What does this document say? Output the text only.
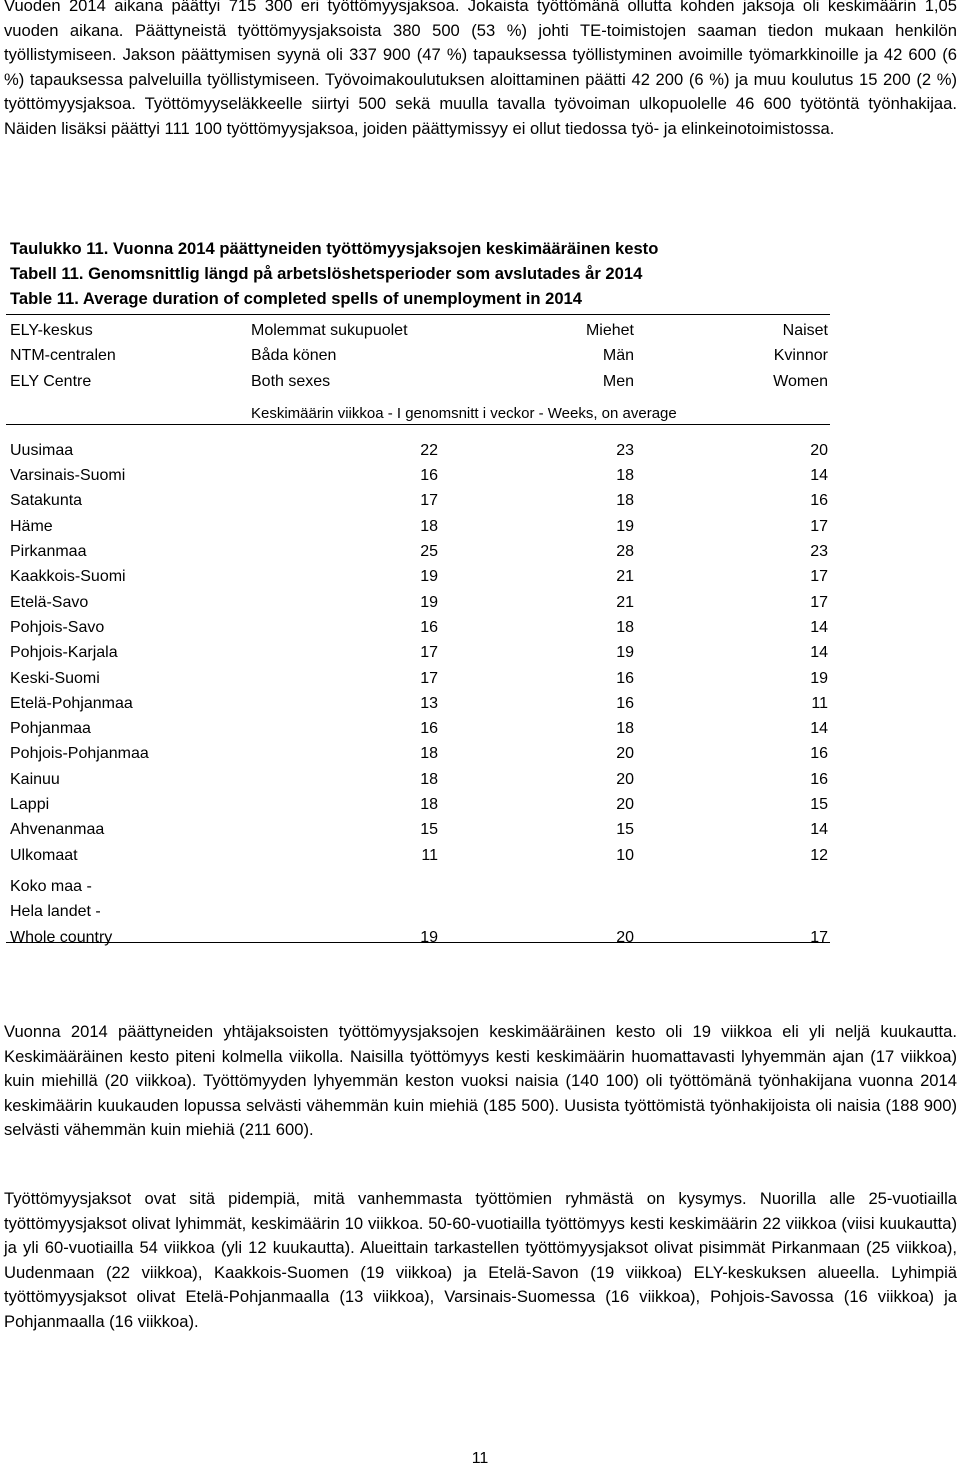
Vuoden 2014 aikana päättyi 715 300 eri työttömyysjaksoa. Jokaista työttömänä ollutta kohden jaksoja oli keskimäärin 1,05 vuoden aikana. Päättyneistä työttömyysjaksoista 380 500 (53 %) johti TE-toimistojen saaman tiedon mukaan henkilön työllistymiseen. Jakson päättymisen syynä oli 337 900 (47 %) tapauksessa työllistyminen avoimille työmarkkinoille ja 42 600 (6 %) tapauksessa palveluilla työllistymiseen. Työvoimakoulutuksen aloittaminen päätti 42 200 (6 %) ja muu koulutus 15 200 (2 %) työttömyysjaksoa. Työttömyyseläkkeelle siirtyi 500 sekä muulla tavalla työvoiman ulkopuolelle 46 600 työtöntä työnhakijaa. Näiden lisäksi päättyi 111 100 työttömyysjaksoa, joiden päättymissyy ei ollut tiedossa työ- ja elinkeinotoimistossa.

Taulukko 11. Vuonna 2014 päättyneiden työttömyysjaksojen keskimääräinen kesto
Tabell 11. Genomsnittlig längd på arbetslöshetsperioder som avslutades år 2014
Table 11. Average duration of completed spells of unemployment in 2014
ELY-keskus	Molemmat sukupuolet	Miehet	Naiset
NTM-centralen	Båda könen	Män	Kvinnor
ELY Centre	Both sexes	Men	Women
Keskimäärin viikkoa - I genomsnitt i veckor - Weeks, on average
Uusimaa	22	23	20
Varsinais-Suomi	16	18	14
Satakunta	17	18	16
Häme	18	19	17
Pirkanmaa	25	28	23
Kaakkois-Suomi	19	21	17
Etelä-Savo	19	21	17
Pohjois-Savo	16	18	14
Pohjois-Karjala	17	19	14
Keski-Suomi	17	16	19
Etelä-Pohjanmaa	13	16	11
Pohjanmaa	16	18	14
Pohjois-Pohjanmaa	18	20	16
Kainuu	18	20	16
Lappi	18	20	15
Ahvenanmaa	15	15	14
Ulkomaat	11	10	12
Koko maa -
Hela landet -
Whole country	19	20	17

Vuonna 2014 päättyneiden yhtäjaksoisten työttömyysjaksojen keskimääräinen kesto oli 19 viikkoa eli yli neljä kuukautta. Keskimääräinen kesto piteni kolmella viikolla. Naisilla työttömyys kesti keskimäärin huomattavasti lyhyemmän ajan (17 viikkoa) kuin miehillä (20 viikkoa). Työttömyyden lyhyemmän keston vuoksi naisia (140 100) oli työttömänä työnhakijana vuonna 2014 keskimäärin kuukauden lopussa selvästi vähemmän kuin miehiä (185 500). Uusista työttömistä työnhakijoista oli naisia (188 900) selvästi vähemmän kuin miehiä (211 600).

Työttömyysjaksot ovat sitä pidempiä, mitä vanhemmasta työttömien ryhmästä on kysymys. Nuorilla alle 25-vuotiailla työttömyysjaksot olivat lyhimmät, keskimäärin 10 viikkoa. 50-60-vuotiailla työttömyys kesti keskimäärin 22 viikkoa (viisi kuukautta) ja yli 60-vuotiailla 54 viikkoa (yli 12 kuukautta). Alueittain tarkastellen työttömyysjaksot olivat pisimmät Pirkanmaan (25 viikkoa), Uudenmaan (22 viikkoa), Kaakkois-Suomen (19 viikkoa) ja Etelä-Savon (19 viikkoa) ELY-keskuksen alueella. Lyhimpiä työttömyysjaksot olivat Etelä-Pohjanmaalla (13 viikkoa), Varsinais-Suomessa (16 viikkoa), Pohjois-Savossa (16 viikkoa) ja Pohjanmaalla (16 viikkoa).

11
